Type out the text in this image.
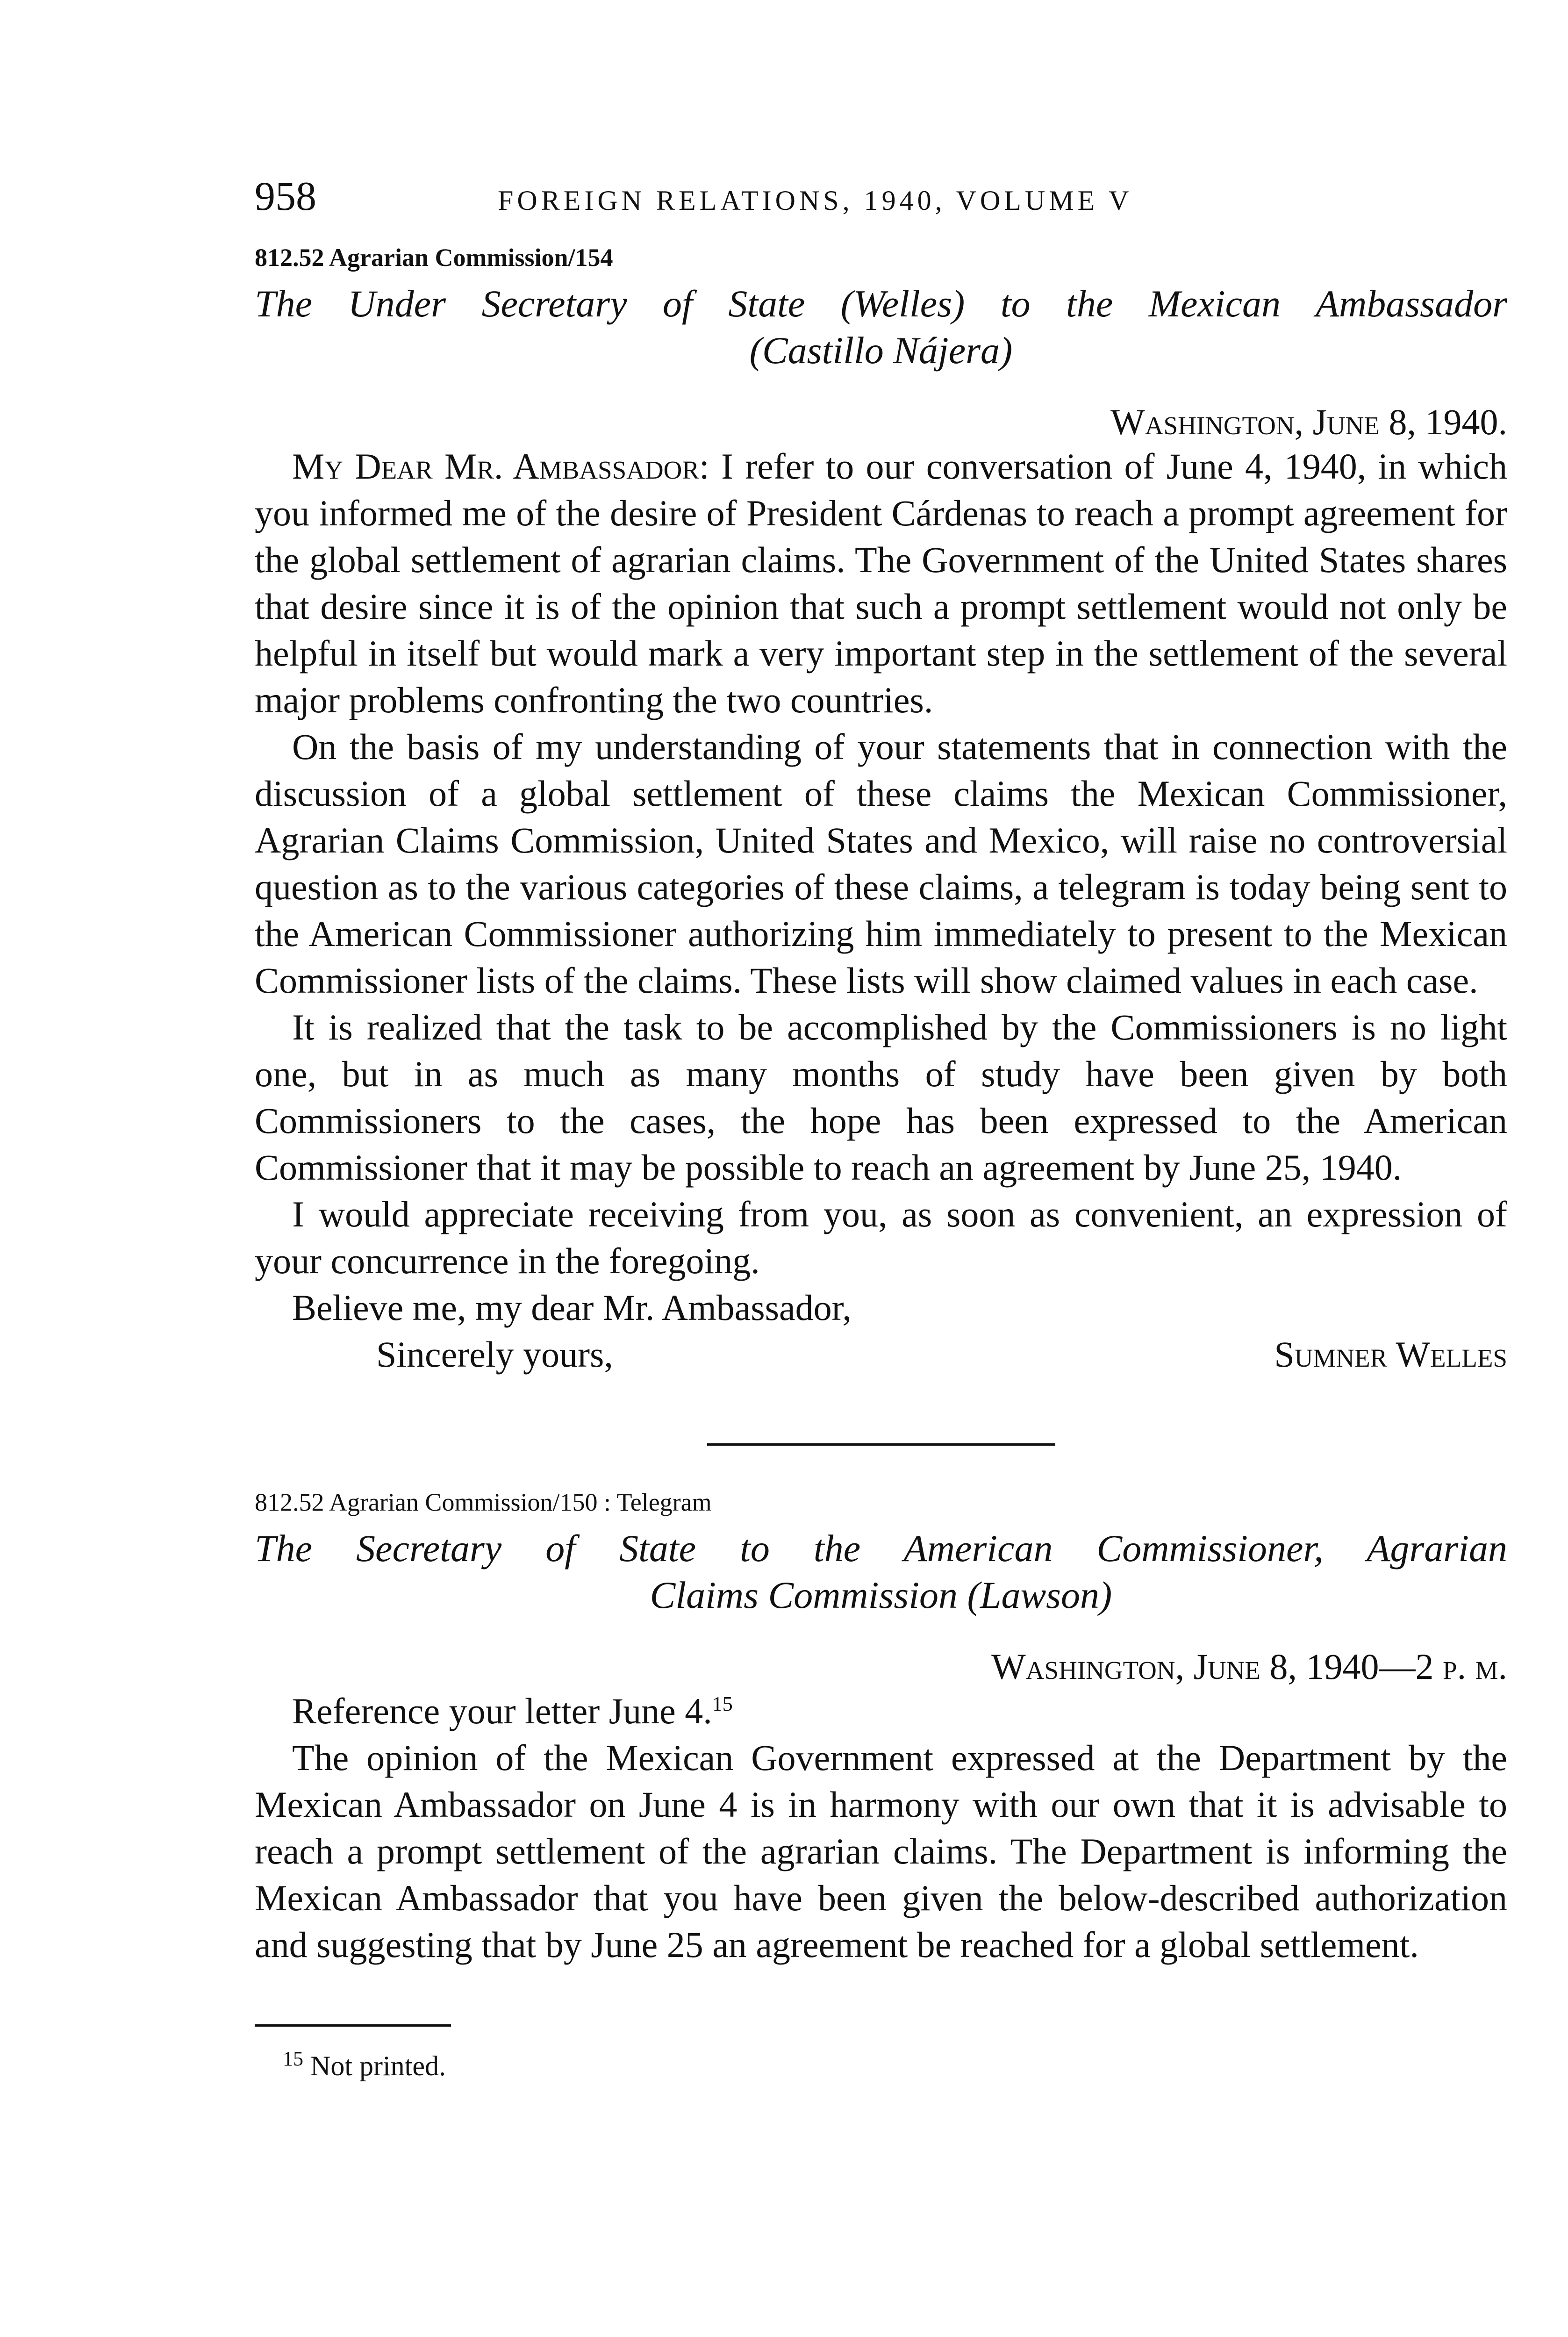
958	FOREIGN RELATIONS, 1940, VOLUME V
812.52 Agrarian Commission/154
The Under Secretary of State (Welles) to the Mexican Ambassador
(Castillo Nájera)
Washington, June 8, 1940.

My Dear Mr. Ambassador: I refer to our conversation of June 4, 1940, in which you informed me of the desire of President Cárdenas to reach a prompt agreement for the global settlement of agrarian claims. The Government of the United States shares that desire since it is of the opinion that such a prompt settlement would not only be helpful in itself but would mark a very important step in the settlement of the several major problems confronting the two countries.

On the basis of my understanding of your statements that in connection with the discussion of a global settlement of these claims the Mexican Commissioner, Agrarian Claims Commission, United States and Mexico, will raise no controversial question as to the various categories of these claims, a telegram is today being sent to the American Commissioner authorizing him immediately to present to the Mexican Commissioner lists of the claims. These lists will show claimed values in each case.

It is realized that the task to be accomplished by the Commissioners is no light one, but in as much as many months of study have been given by both Commissioners to the cases, the hope has been expressed to the American Commissioner that it may be possible to reach an agreement by June 25, 1940.

I would appreciate receiving from you, as soon as convenient, an expression of your concurrence in the foregoing.

Believe me, my dear Mr. Ambassador,

Sincerely yours,	Sumner Welles
812.52 Agrarian Commission/150 : Telegram
The Secretary of State to the American Commissioner, Agrarian
Claims Commission (Lawson)
Washington, June 8, 1940—2 p. m.

Reference your letter June 4.15

The opinion of the Mexican Government expressed at the Department by the Mexican Ambassador on June 4 is in harmony with our own that it is advisable to reach a prompt settlement of the agrarian claims. The Department is informing the Mexican Ambassador that you have been given the below-described authorization and suggesting that by June 25 an agreement be reached for a global settlement.

$^{15}$ Not printed.
